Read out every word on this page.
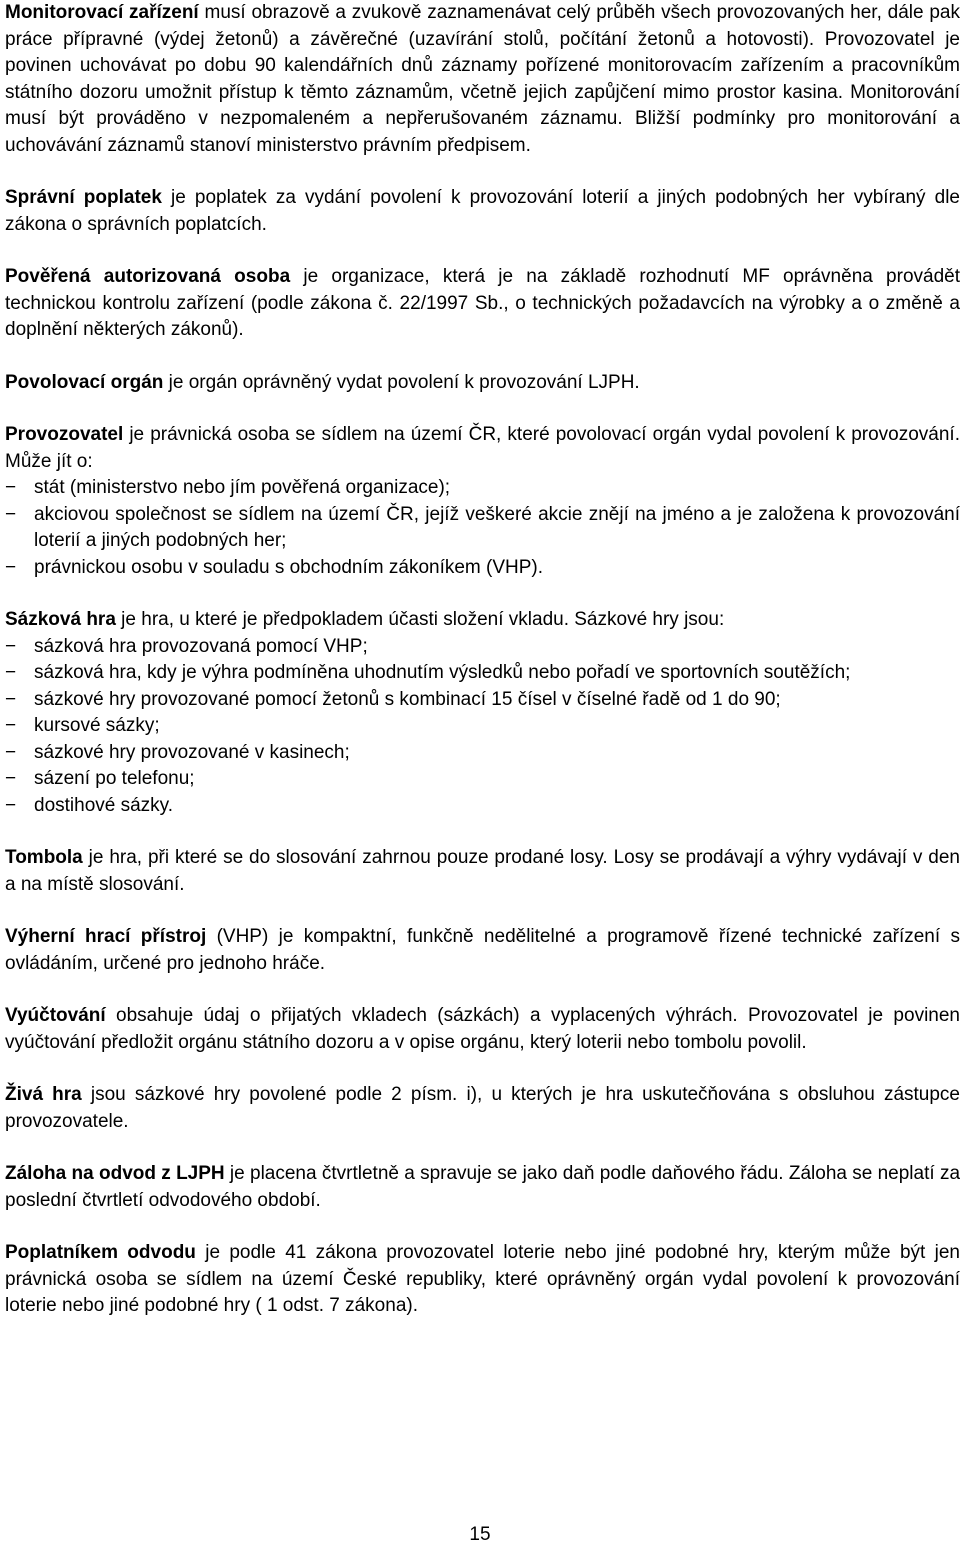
Monitorovací zařízení musí obrazově a zvukově zaznamenávat celý průběh všech provozovaných her, dále pak práce přípravné (výdej žetonů) a závěrečné (uzavírání stolů, počítání žetonů a hotovosti). Provozovatel je povinen uchovávat po dobu 90 kalendářních dnů záznamy pořízené monitorovacím zařízením a pracovníkům státního dozoru umožnit přístup k těmto záznamům, včetně jejich zapůjčení mimo prostor kasina. Monitorování musí být prováděno v nezpomaleném a nepřerušovaném záznamu. Bližší podmínky pro monitorování a uchovávání záznamů stanoví ministerstvo právním předpisem.

Správní poplatek je poplatek za vydání povolení k provozování loterií a jiných podobných her vybíraný dle zákona o správních poplatcích.

Pověřená autorizovaná osoba je organizace, která je na základě rozhodnutí MF oprávněna provádět technickou kontrolu zařízení (podle zákona č. 22/1997 Sb., o technických požadavcích na výrobky a o změně a doplnění některých zákonů).

Povolovací orgán je orgán oprávněný vydat povolení k provozování LJPH.

Provozovatel je právnická osoba se sídlem na území ČR, které povolovací orgán vydal povolení k provozování. Může jít o:

− stát (ministerstvo nebo jím pověřená organizace);
− akciovou společnost se sídlem na území ČR, jejíž veškeré akcie znějí na jméno a je založena k provozování loterií a jiných podobných her;
− právnickou osobu v souladu s obchodním zákoníkem (VHP).

Sázková hra je hra, u které je předpokladem účasti složení vkladu. Sázkové hry jsou:

− sázková hra provozovaná pomocí VHP;
− sázková hra, kdy je výhra podmíněna uhodnutím výsledků nebo pořadí ve sportovních soutěžích;
− sázkové hry provozované pomocí žetonů s kombinací 15 čísel v číselné řadě od 1 do 90;
− kursové sázky;
− sázkové hry provozované v kasinech;
− sázení po telefonu;
− dostihové sázky.

Tombola je hra, při které se do slosování zahrnou pouze prodané losy. Losy se prodávají a výhry vydávají v den a na místě slosování.

Výherní hrací přístroj (VHP) je kompaktní, funkčně nedělitelné a programově řízené technické zařízení s ovládáním, určené pro jednoho hráče.

Vyúčtování obsahuje údaj o přijatých vkladech (sázkách) a vyplacených výhrách. Provozovatel je povinen vyúčtování předložit orgánu státního dozoru a v opise orgánu, který loterii nebo tombolu povolil.

Živá hra jsou sázkové hry povolené podle 2 písm. i), u kterých je hra uskutečňována s obsluhou zástupce provozovatele.

Záloha na odvod z LJPH je placena čtvrtletně a spravuje se jako daň podle daňového řádu. Záloha se neplatí za poslední čtvrtletí odvodového období.

Poplatníkem odvodu je podle 41 zákona provozovatel loterie nebo jiné podobné hry, kterým může být jen právnická osoba se sídlem na území České republiky, které oprávněný orgán vydal povolení k provozování loterie nebo jiné podobné hry ( 1 odst. 7 zákona).

15
